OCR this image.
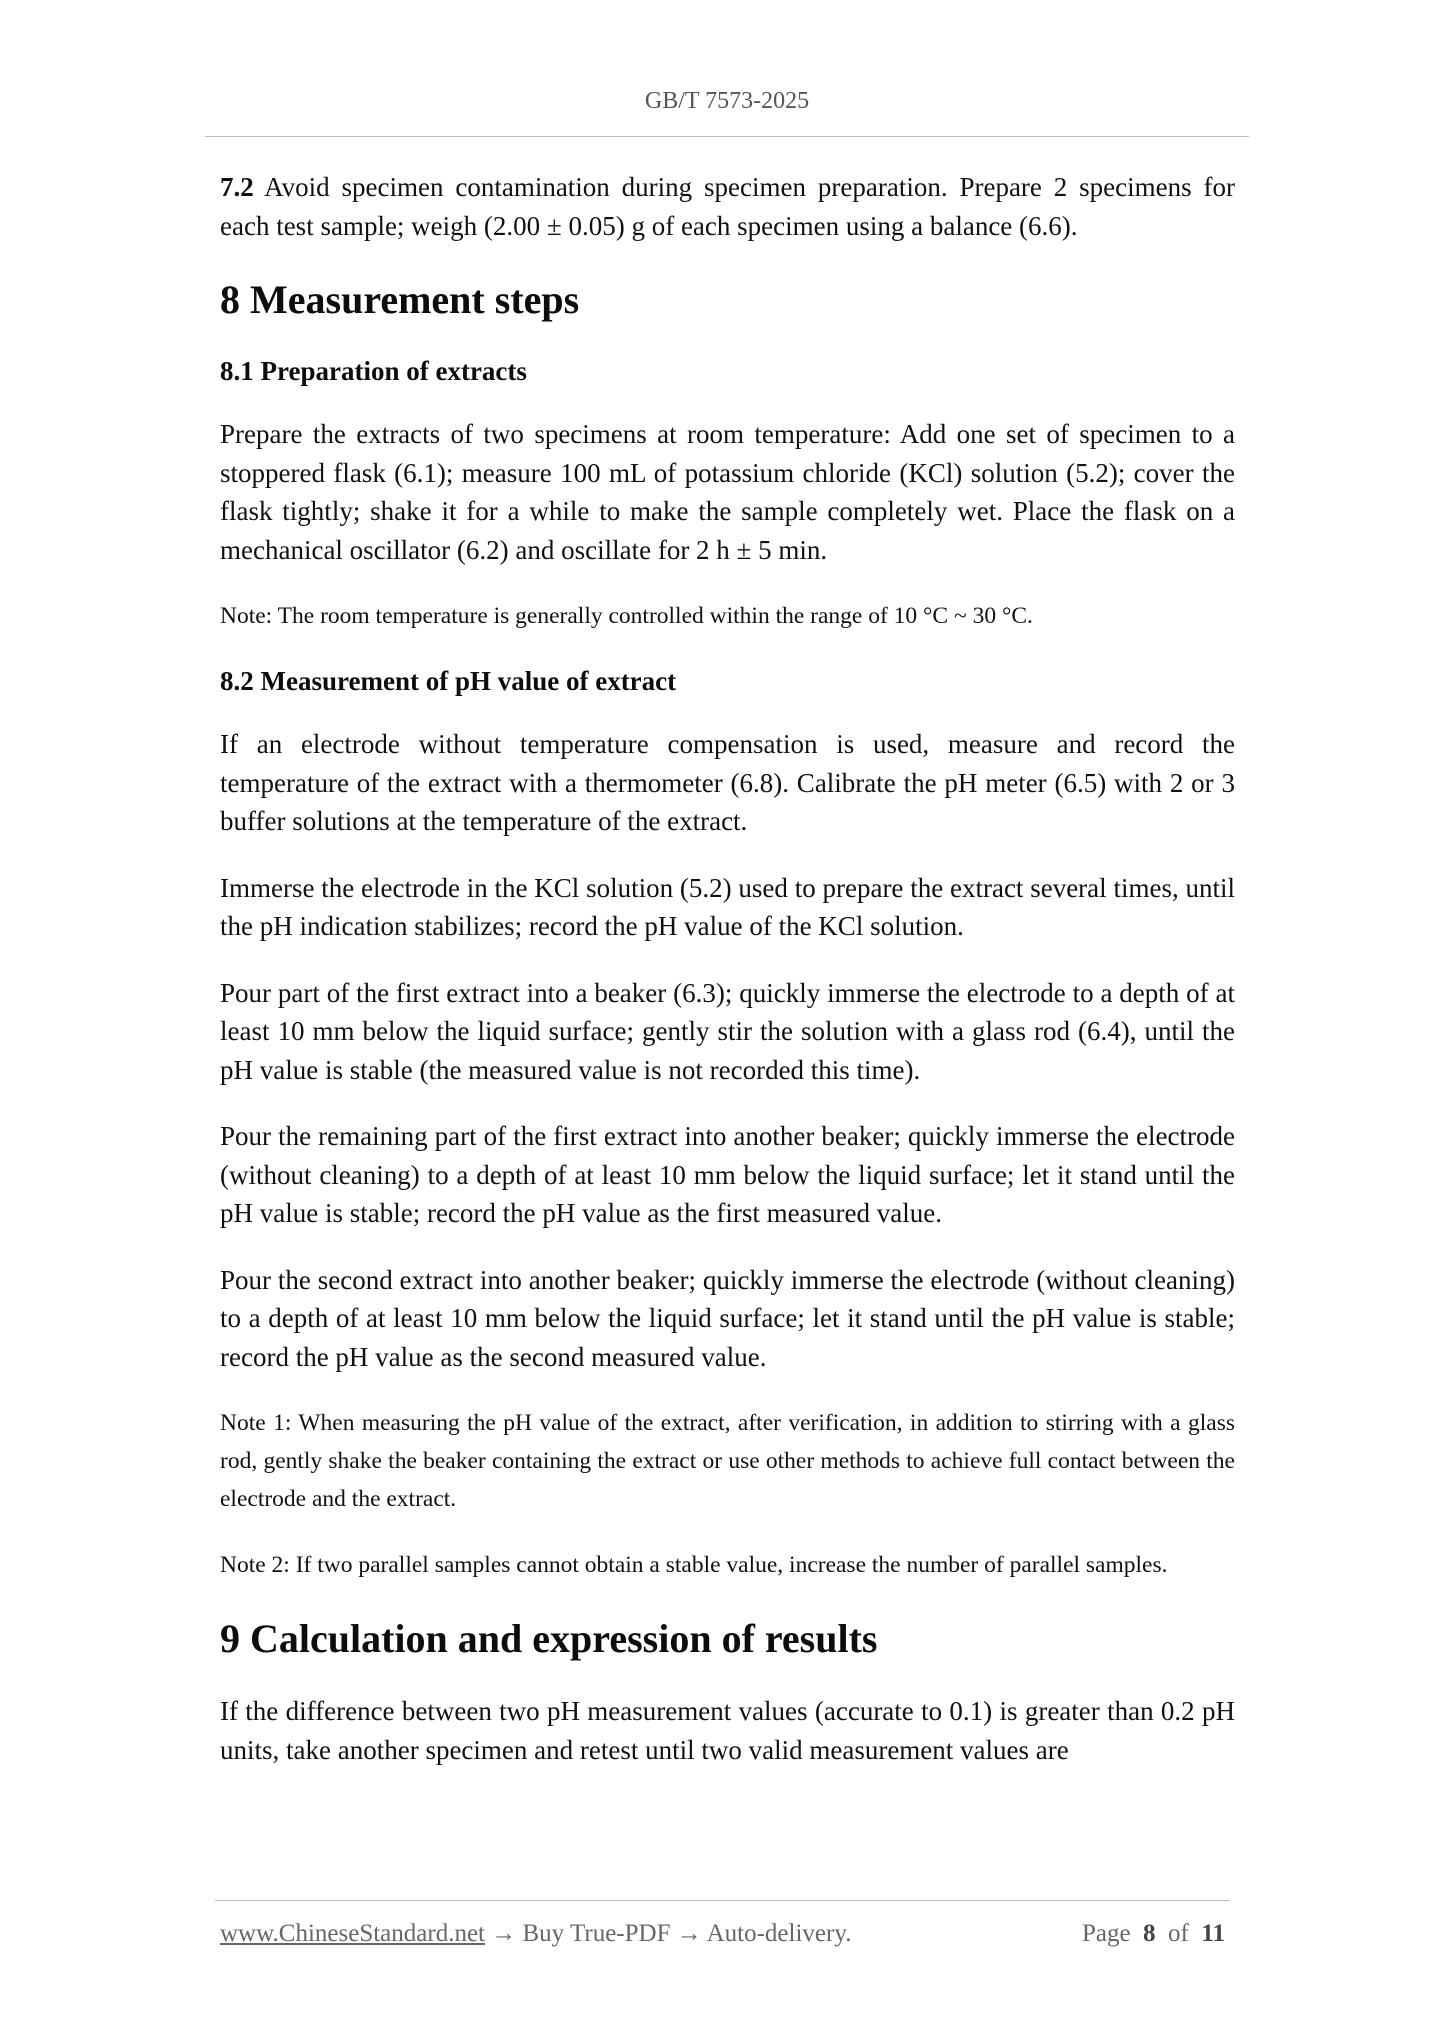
GB/T 7573-2025

7.2 Avoid specimen contamination during specimen preparation. Prepare 2 specimens for each test sample; weigh (2.00 ± 0.05) g of each specimen using a balance (6.6).

8 Measurement steps
8.1 Preparation of extracts

Prepare the extracts of two specimens at room temperature: Add one set of specimen to a stoppered flask (6.1); measure 100 mL of potassium chloride (KCl) solution (5.2); cover the flask tightly; shake it for a while to make the sample completely wet. Place the flask on a mechanical oscillator (6.2) and oscillate for 2 h ± 5 min.

Note: The room temperature is generally controlled within the range of 10 °C ~ 30 °C.

8.2 Measurement of pH value of extract

If an electrode without temperature compensation is used, measure and record the temperature of the extract with a thermometer (6.8). Calibrate the pH meter (6.5) with 2 or 3 buffer solutions at the temperature of the extract.

Immerse the electrode in the KCl solution (5.2) used to prepare the extract several times, until the pH indication stabilizes; record the pH value of the KCl solution.

Pour part of the first extract into a beaker (6.3); quickly immerse the electrode to a depth of at least 10 mm below the liquid surface; gently stir the solution with a glass rod (6.4), until the pH value is stable (the measured value is not recorded this time).

Pour the remaining part of the first extract into another beaker; quickly immerse the electrode (without cleaning) to a depth of at least 10 mm below the liquid surface; let it stand until the pH value is stable; record the pH value as the first measured value.

Pour the second extract into another beaker; quickly immerse the electrode (without cleaning) to a depth of at least 10 mm below the liquid surface; let it stand until the pH value is stable; record the pH value as the second measured value.

Note 1: When measuring the pH value of the extract, after verification, in addition to stirring with a glass rod, gently shake the beaker containing the extract or use other methods to achieve full contact between the electrode and the extract.

Note 2: If two parallel samples cannot obtain a stable value, increase the number of parallel samples.

9 Calculation and expression of results

If the difference between two pH measurement values (accurate to 0.1) is greater than 0.2 pH units, take another specimen and retest until two valid measurement values are

www.ChineseStandard.net → Buy True-PDF → Auto-delivery.	Page 8 of 11
